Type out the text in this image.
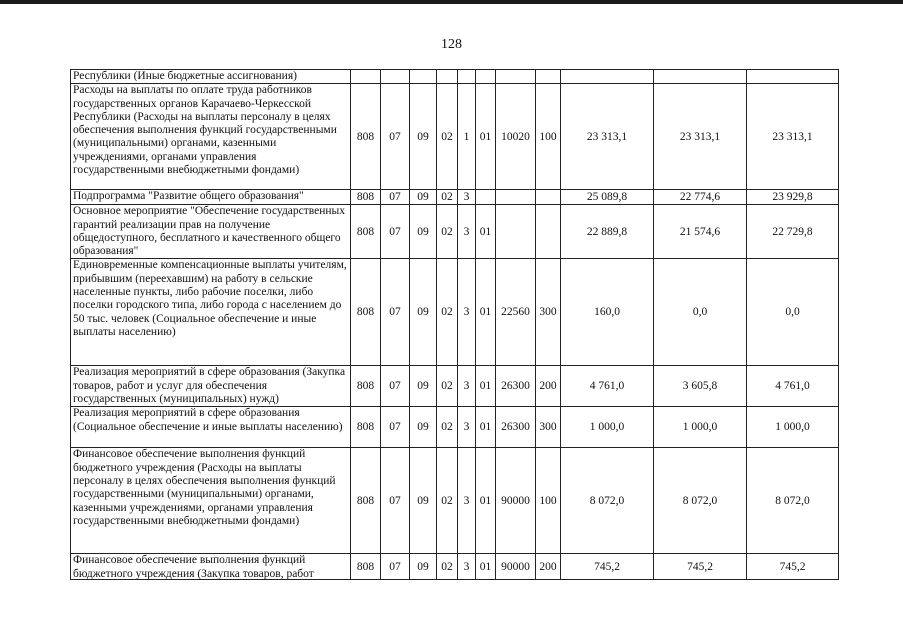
128
Республики (Иные бюджетные ассигнования)											
Расходы на выплаты по оплате труда работников государственных органов Карачаево-Черкесской Республики (Расходы на выплаты персоналу в целях обеспечения выполнения функций государственными (муниципальными) органами, казенными учреждениями, органами управления государственными внебюджетными фондами)	808	07	09	02	1	01	10020	100	23 313,1	23 313,1	23 313,1
Подпрограмма "Развитие общего образования"	808	07	09	02	3				25 089,8	22 774,6	23 929,8
Основное мероприятие "Обеспечение государственных гарантий реализации прав на получение общедоступного, бесплатного и качественного общего образования"	808	07	09	02	3	01			22 889,8	21 574,6	22 729,8
Единовременные компенсационные выплаты учителям, прибывшим (переехавшим) на работу в сельские населенные пункты, либо рабочие поселки, либо поселки городского типа, либо города с населением до 50 тыс. человек (Социальное обеспечение и иные выплаты населению)	808	07	09	02	3	01	22560	300	160,0	0,0	0,0
Реализация мероприятий в сфере образования (Закупка товаров, работ и услуг для обеспечения государственных (муниципальных) нужд)	808	07	09	02	3	01	26300	200	4 761,0	3 605,8	4 761,0
Реализация мероприятий в сфере образования (Социальное обеспечение и иные выплаты населению)	808	07	09	02	3	01	26300	300	1 000,0	1 000,0	1 000,0
Финансовое обеспечение выполнения функций бюджетного учреждения (Расходы на выплаты персоналу в целях обеспечения выполнения функций государственными (муниципальными) органами, казенными учреждениями, органами управления государственными внебюджетными фондами)	808	07	09	02	3	01	90000	100	8 072,0	8 072,0	8 072,0

Финансовое обеспечение выполнения функций бюджетного учреждения (Закупка товаров, работ	808	07	09	02	3	01	90000	200	745,2	745,2	745,2
